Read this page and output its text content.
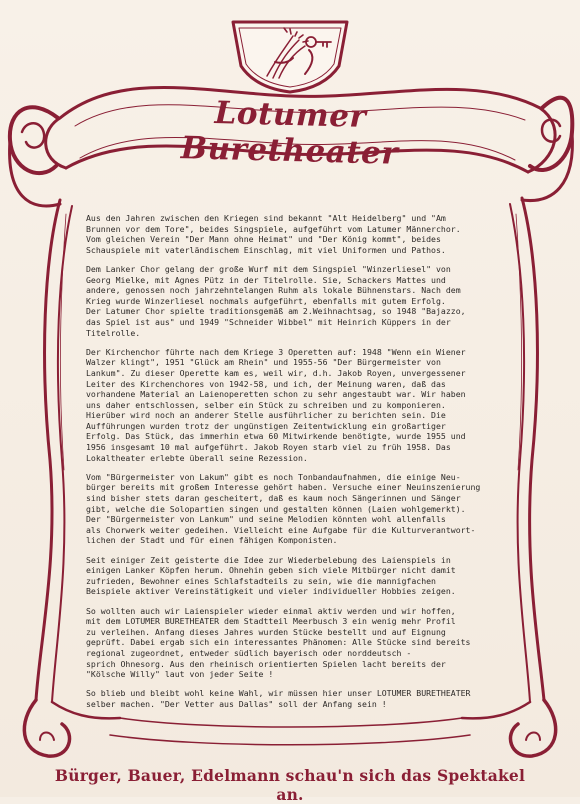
Lotumer Buretheater

Aus den Jahren zwischen den Kriegen sind bekannt "Alt Heidelberg" und "Am
Brunnen vor dem Tore", beides Singspiele, aufgeführt vom Latumer Männerchor.
Vom gleichen Verein "Der Mann ohne Heimat" und "Der König kommt", beides
Schauspiele mit vaterländischem Einschlag, mit viel Uniformen und Pathos.

Dem Lanker Chor gelang der große Wurf mit dem Singspiel "Winzerliesel" von
Georg Mielke, mit Agnes Pütz in der Titelrolle. Sie, Schackers Mattes und
andere, genossen noch jahrzehntelangen Ruhm als lokale Bühnenstars. Nach dem
Krieg wurde Winzerliesel nochmals aufgeführt, ebenfalls mit gutem Erfolg.
Der Latumer Chor spielte traditionsgemäß am 2.Weihnachtsag, so 1948 "Bajazzo,
das Spiel ist aus" und 1949 "Schneider Wibbel" mit Heinrich Küppers in der
Titelrolle.

Der Kirchenchor führte nach dem Kriege 3 Operetten auf: 1948 "Wenn ein Wiener
Walzer klingt", 1951 "Glück am Rhein" und 1955-56 "Der Bürgermeister von
Lankum". Zu dieser Operette kam es, weil wir, d.h. Jakob Royen, unvergessener
Leiter des Kirchenchores von 1942-58, und ich, der Meinung waren, daß das
vorhandene Material an Laienoperetten schon zu sehr angestaubt war. Wir haben
uns daher entschlossen, selber ein Stück zu schreiben und zu komponieren.
Hierüber wird noch an anderer Stelle ausführlicher zu berichten sein. Die
Aufführungen wurden trotz der ungünstigen Zeitentwicklung ein großartiger
Erfolg. Das Stück, das immerhin etwa 60 Mitwirkende benötigte, wurde 1955 und
1956 insgesamt 10 mal aufgeführt. Jakob Royen starb viel zu früh 1958. Das
Lokaltheater erlebte überall seine Rezession.

Vom "Bürgermeister von Lakum" gibt es noch Tonbandaufnahmen, die einige Neu-
bürger bereits mit großem Interesse gehört haben. Versuche einer Neuinszenierung
sind bisher stets daran gescheitert, daß es kaum noch Sängerinnen und Sänger
gibt, welche die Solopartien singen und gestalten können (Laien wohlgemerkt).
Der "Bürgermeister von Lankum" und seine Melodien könnten wohl allenfalls
als Chorwerk weiter gedeihen. Vielleicht eine Aufgabe für die Kulturverantwort-
lichen der Stadt und für einen fähigen Komponisten.

Seit einiger Zeit geisterte die Idee zur Wiederbelebung des Laienspiels in
einigen Lanker Köpfen herum. Ohnehin geben sich viele Mitbürger nicht damit
zufrieden, Bewohner eines Schlafstadteils zu sein, wie die mannigfachen
Beispiele aktiver Vereinstätigkeit und vieler individueller Hobbies zeigen.

So wollten auch wir Laienspieler wieder einmal aktiv werden und wir hoffen,
mit dem LOTUMER BURETHEATER dem Stadtteil Meerbusch 3 ein wenig mehr Profil
zu verleihen. Anfang dieses Jahres wurden Stücke bestellt und auf Eignung
geprüft. Dabei ergab sich ein interessantes Phänomen: Alle Stücke sind bereits
regional zugeordnet, entweder südlich bayerisch oder norddeutsch -
sprich Ohnesorg. Aus den rheinisch orientierten Spielen lacht bereits der
"Kölsche Willy" laut von jeder Seite !

So blieb und bleibt wohl keine Wahl, wir müssen hier unser LOTUMER BURETHEATER
selber machen. "Der Vetter aus Dallas" soll der Anfang sein !

Bürger, Bauer, Edelmann schau'n sich das Spektakel an.
